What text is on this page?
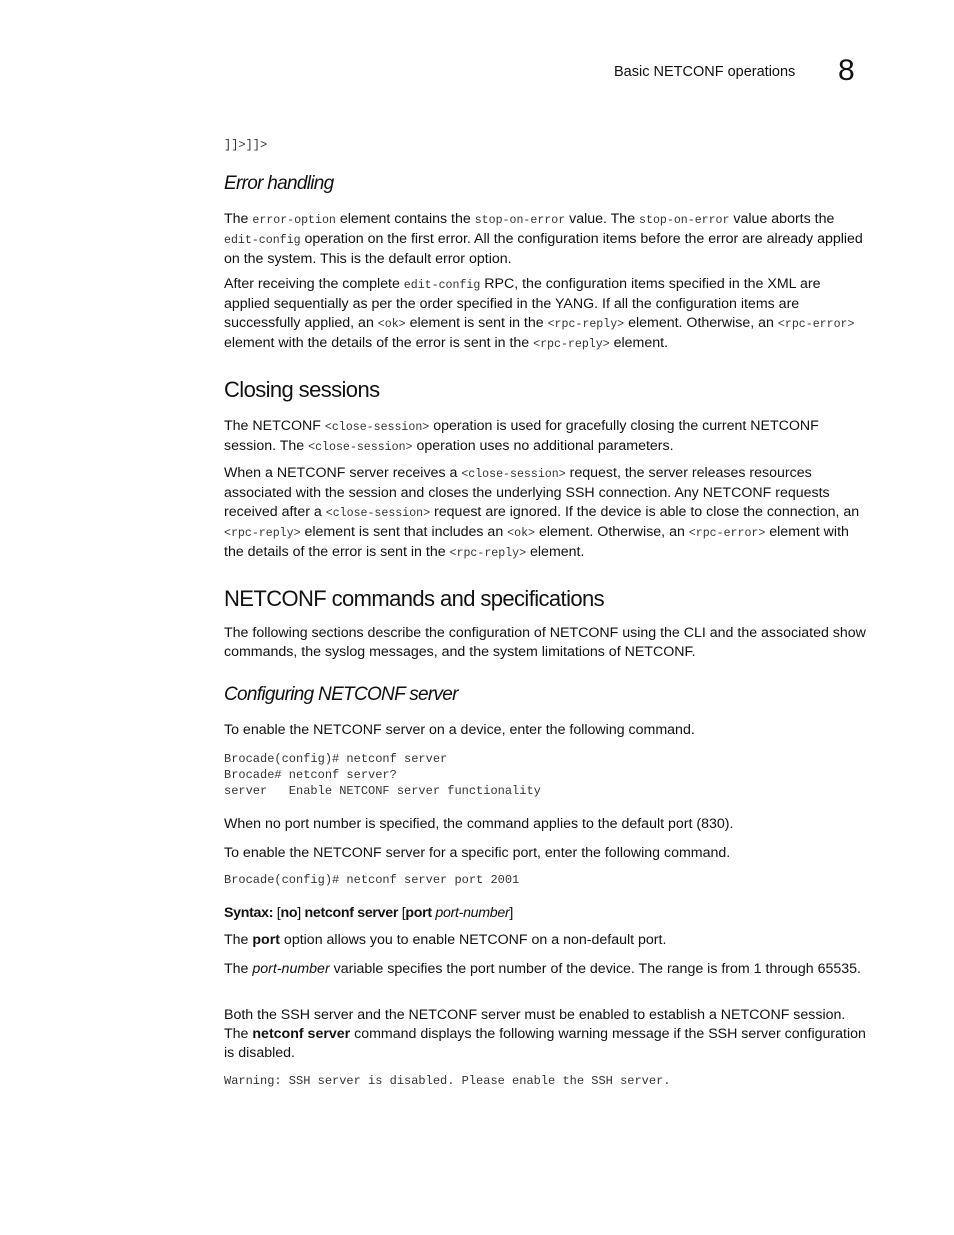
Basic NETCONF operations 8
]]>]]>
Error handling

The error-option element contains the stop-on-error value. The stop-on-error value aborts the edit-config operation on the first error. All the configuration items before the error are already applied on the system. This is the default error option.

After receiving the complete edit-config RPC, the configuration items specified in the XML are applied sequentially as per the order specified in the YANG. If all the configuration items are successfully applied, an <ok> element is sent in the <rpc-reply> element. Otherwise, an <rpc-error> element with the details of the error is sent in the <rpc-reply> element.

Closing sessions

The NETCONF <close-session> operation is used for gracefully closing the current NETCONF session. The <close-session> operation uses no additional parameters.

When a NETCONF server receives a <close-session> request, the server releases resources associated with the session and closes the underlying SSH connection. Any NETCONF requests received after a <close-session> request are ignored. If the device is able to close the connection, an <rpc-reply> element is sent that includes an <ok> element. Otherwise, an <rpc-error> element with the details of the error is sent in the <rpc-reply> element.

NETCONF commands and specifications

The following sections describe the configuration of NETCONF using the CLI and the associated show commands, the syslog messages, and the system limitations of NETCONF.

Configuring NETCONF server

To enable the NETCONF server on a device, enter the following command.

Brocade(config)# netconf server
Brocade# netconf server?
server   Enable NETCONF server functionality

When no port number is specified, the command applies to the default port (830).

To enable the NETCONF server for a specific port, enter the following command.

Brocade(config)# netconf server port 2001

Syntax: [no] netconf server [port port-number]

The port option allows you to enable NETCONF on a non-default port.

The port-number variable specifies the port number of the device. The range is from 1 through 65535.

Both the SSH server and the NETCONF server must be enabled to establish a NETCONF session. The netconf server command displays the following warning message if the SSH server configuration is disabled.

Warning: SSH server is disabled. Please enable the SSH server.
